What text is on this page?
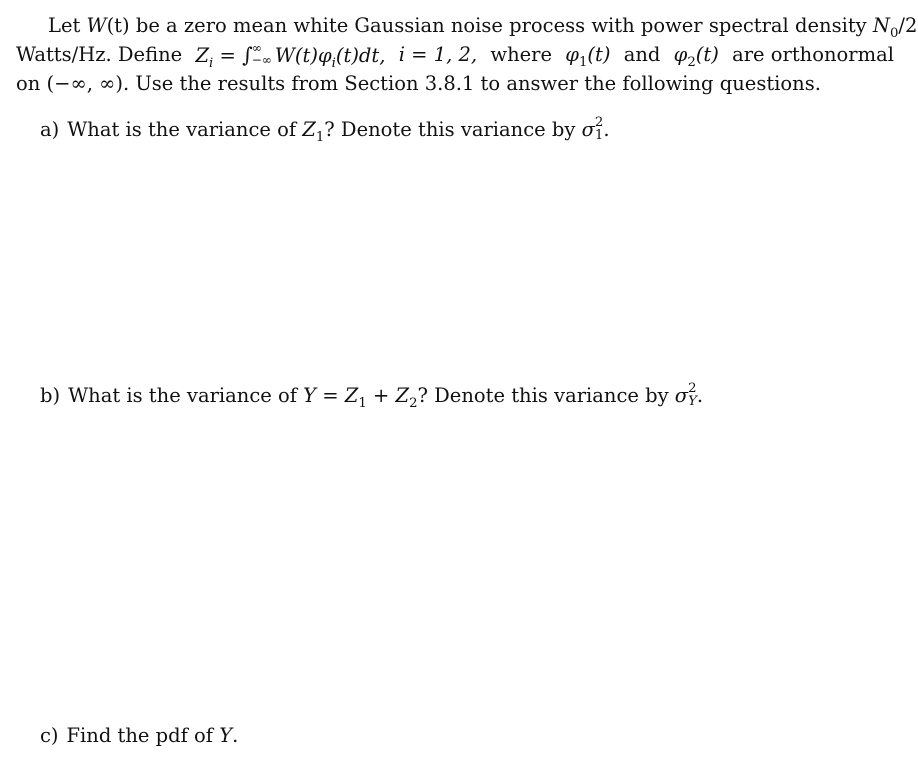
Let W(t) be a zero mean white Gaussian noise process with power spectral density $N_0/2$
Watts/Hz. Define $Z_i$ = ∫ ∞
−∞ $W(t)\varphi_i(t)dt$, i = 1, 2, where $\varphi_1(t)$ and $\varphi_2(t)$ are orthonormal
on (−∞, ∞). Use the results from Section 3.8.1 to answer the following questions.
a) What is the variance of $Z_1$? Denote this variance by σ 2
1 .
b) What is the variance of $Y = Z_1 + Z_2$? Denote this variance by σ 2
Y .
c) Find the pdf of Y.
